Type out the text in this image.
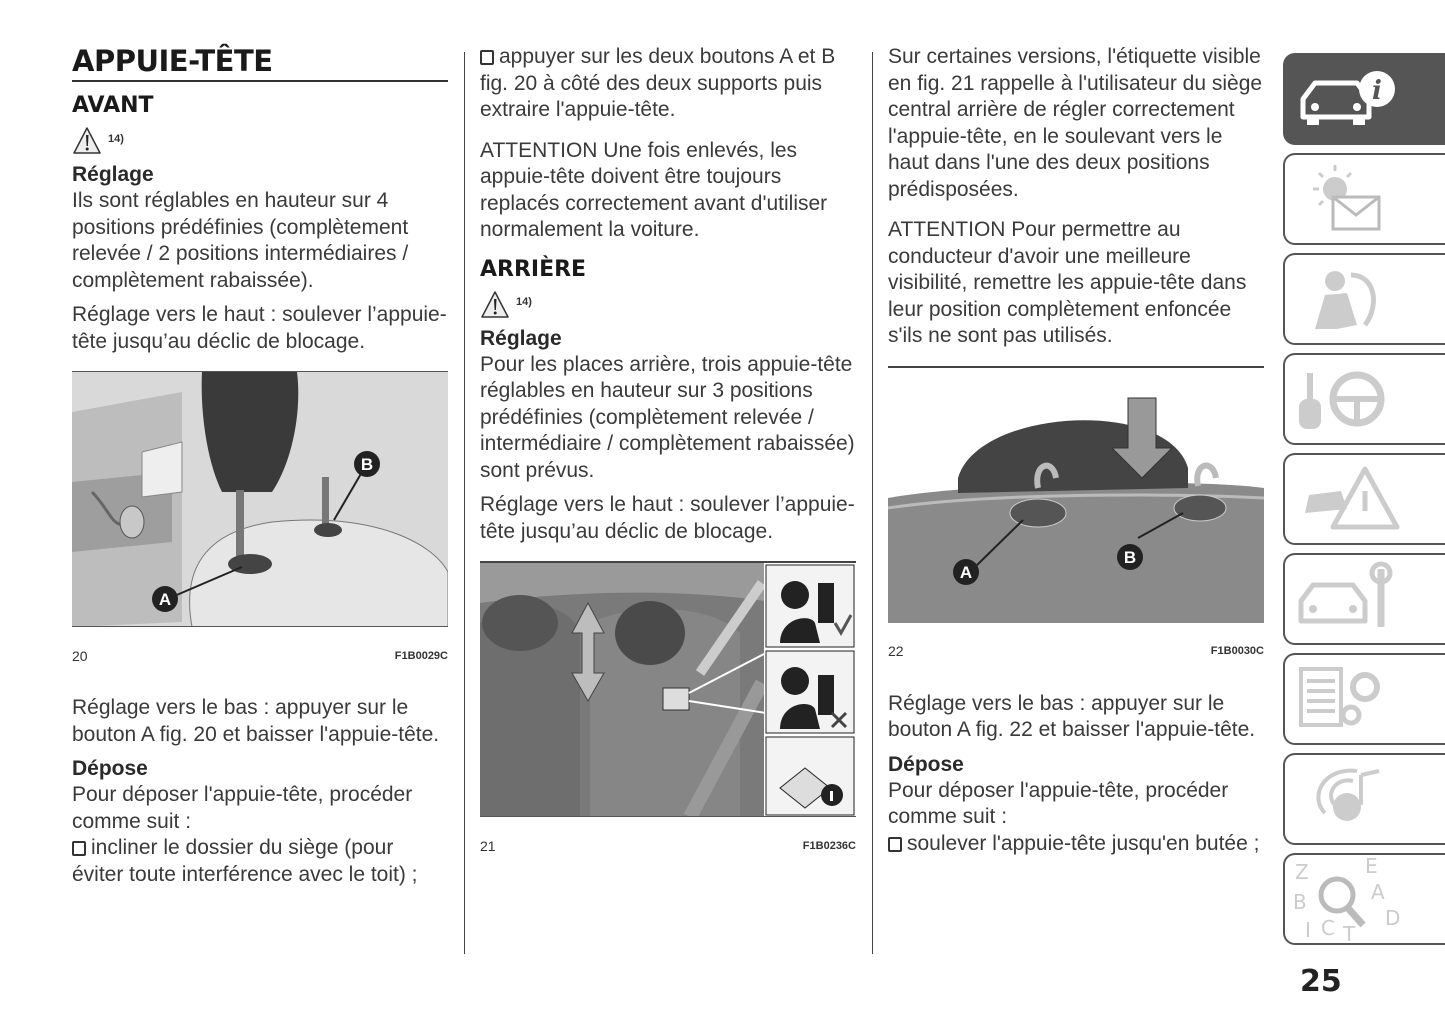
APPUIE-TÊTE
AVANT
14)
Réglage

Ils sont réglables en hauteur sur 4 positions prédéfinies (complètement relevée / 2 positions intermédiaires / complètement rabaissée).

Réglage vers le haut : soulever l’appuie-tête jusqu’au déclic de blocage.

A
B
20	F1B0029C

Réglage vers le bas : appuyer sur le bouton A fig. 20 et baisser l'appuie-tête.

Dépose

Pour déposer l'appuie-tête, procéder comme suit :

incliner le dossier du siège (pour éviter toute interférence avec le toit) ;

appuyer sur les deux boutons A et B fig. 20 à côté des deux supports puis extraire l'appuie-tête.

ATTENTION Une fois enlevés, les appuie-tête doivent être toujours replacés correctement avant d'utiliser normalement la voiture.

ARRIÈRE
14)
Réglage

Pour les places arrière, trois appuie-tête réglables en hauteur sur 3 positions prédéfinies (complètement relevée / intermédiaire / complètement rabaissée) sont prévus.

Réglage vers le haut : soulever l’appuie-tête jusqu’au déclic de blocage.

21	F1B0236C

Sur certaines versions, l'étiquette visible en fig. 21 rappelle à l'utilisateur du siège central arrière de régler correctement l'appuie-tête, en le soulevant vers le haut dans l'une des deux positions prédisposées.

ATTENTION Pour permettre au conducteur d'avoir une meilleure visibilité, remettre les appuie-tête dans leur position complètement enfoncée s'ils ne sont pas utilisés.

A
B
22	F1B0030C

Réglage vers le bas : appuyer sur le bouton A fig. 22 et baisser l'appuie-tête.

Dépose

Pour déposer l'appuie-tête, procéder comme suit :

soulever l'appuie-tête jusqu'en butée ;

i
Z	E
B	A
I C T
D
25
